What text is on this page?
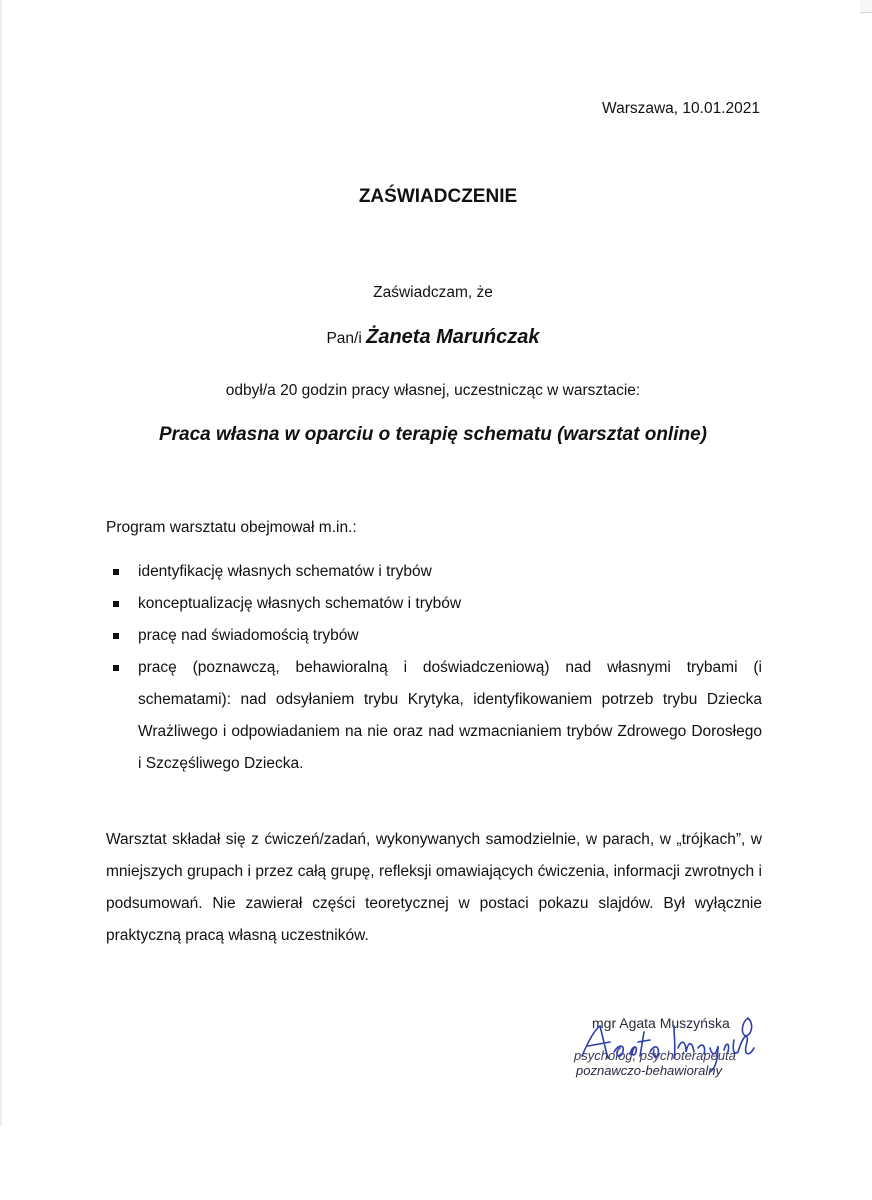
Warszawa, 10.01.2021
ZAŚWIADCZENIE
Zaświadczam, że
Pan/i Żaneta Maruńczak
odbył/a 20 godzin pracy własnej, uczestnicząc w warsztacie:
Praca własna w oparciu o terapię schematu (warsztat online)
Program warsztatu obejmował m.in.:
identyfikację własnych schematów i trybów
konceptualizację własnych schematów i trybów
pracę nad świadomością trybów
pracę (poznawczą, behawioralną i doświadczeniową) nad własnymi trybami (i schematami): nad odsyłaniem trybu Krytyka, identyfikowaniem potrzeb trybu Dziecka Wrażliwego i odpowiadaniem na nie oraz nad wzmacnianiem trybów Zdrowego Dorosłego i Szczęśliwego Dziecka.
Warsztat składał się z ćwiczeń/zadań, wykonywanych samodzielnie, w parach, w „trójkach”, w mniejszych grupach i przez całą grupę, refleksji omawiających ćwiczenia, informacji zwrotnych i podsumowań. Nie zawierał części teoretycznej w postaci pokazu slajdów. Był wyłącznie praktyczną pracą własną uczestników.
mgr Agata Muszyńska
psycholog, psychoterapeuta
poznawczo-behawioralny
